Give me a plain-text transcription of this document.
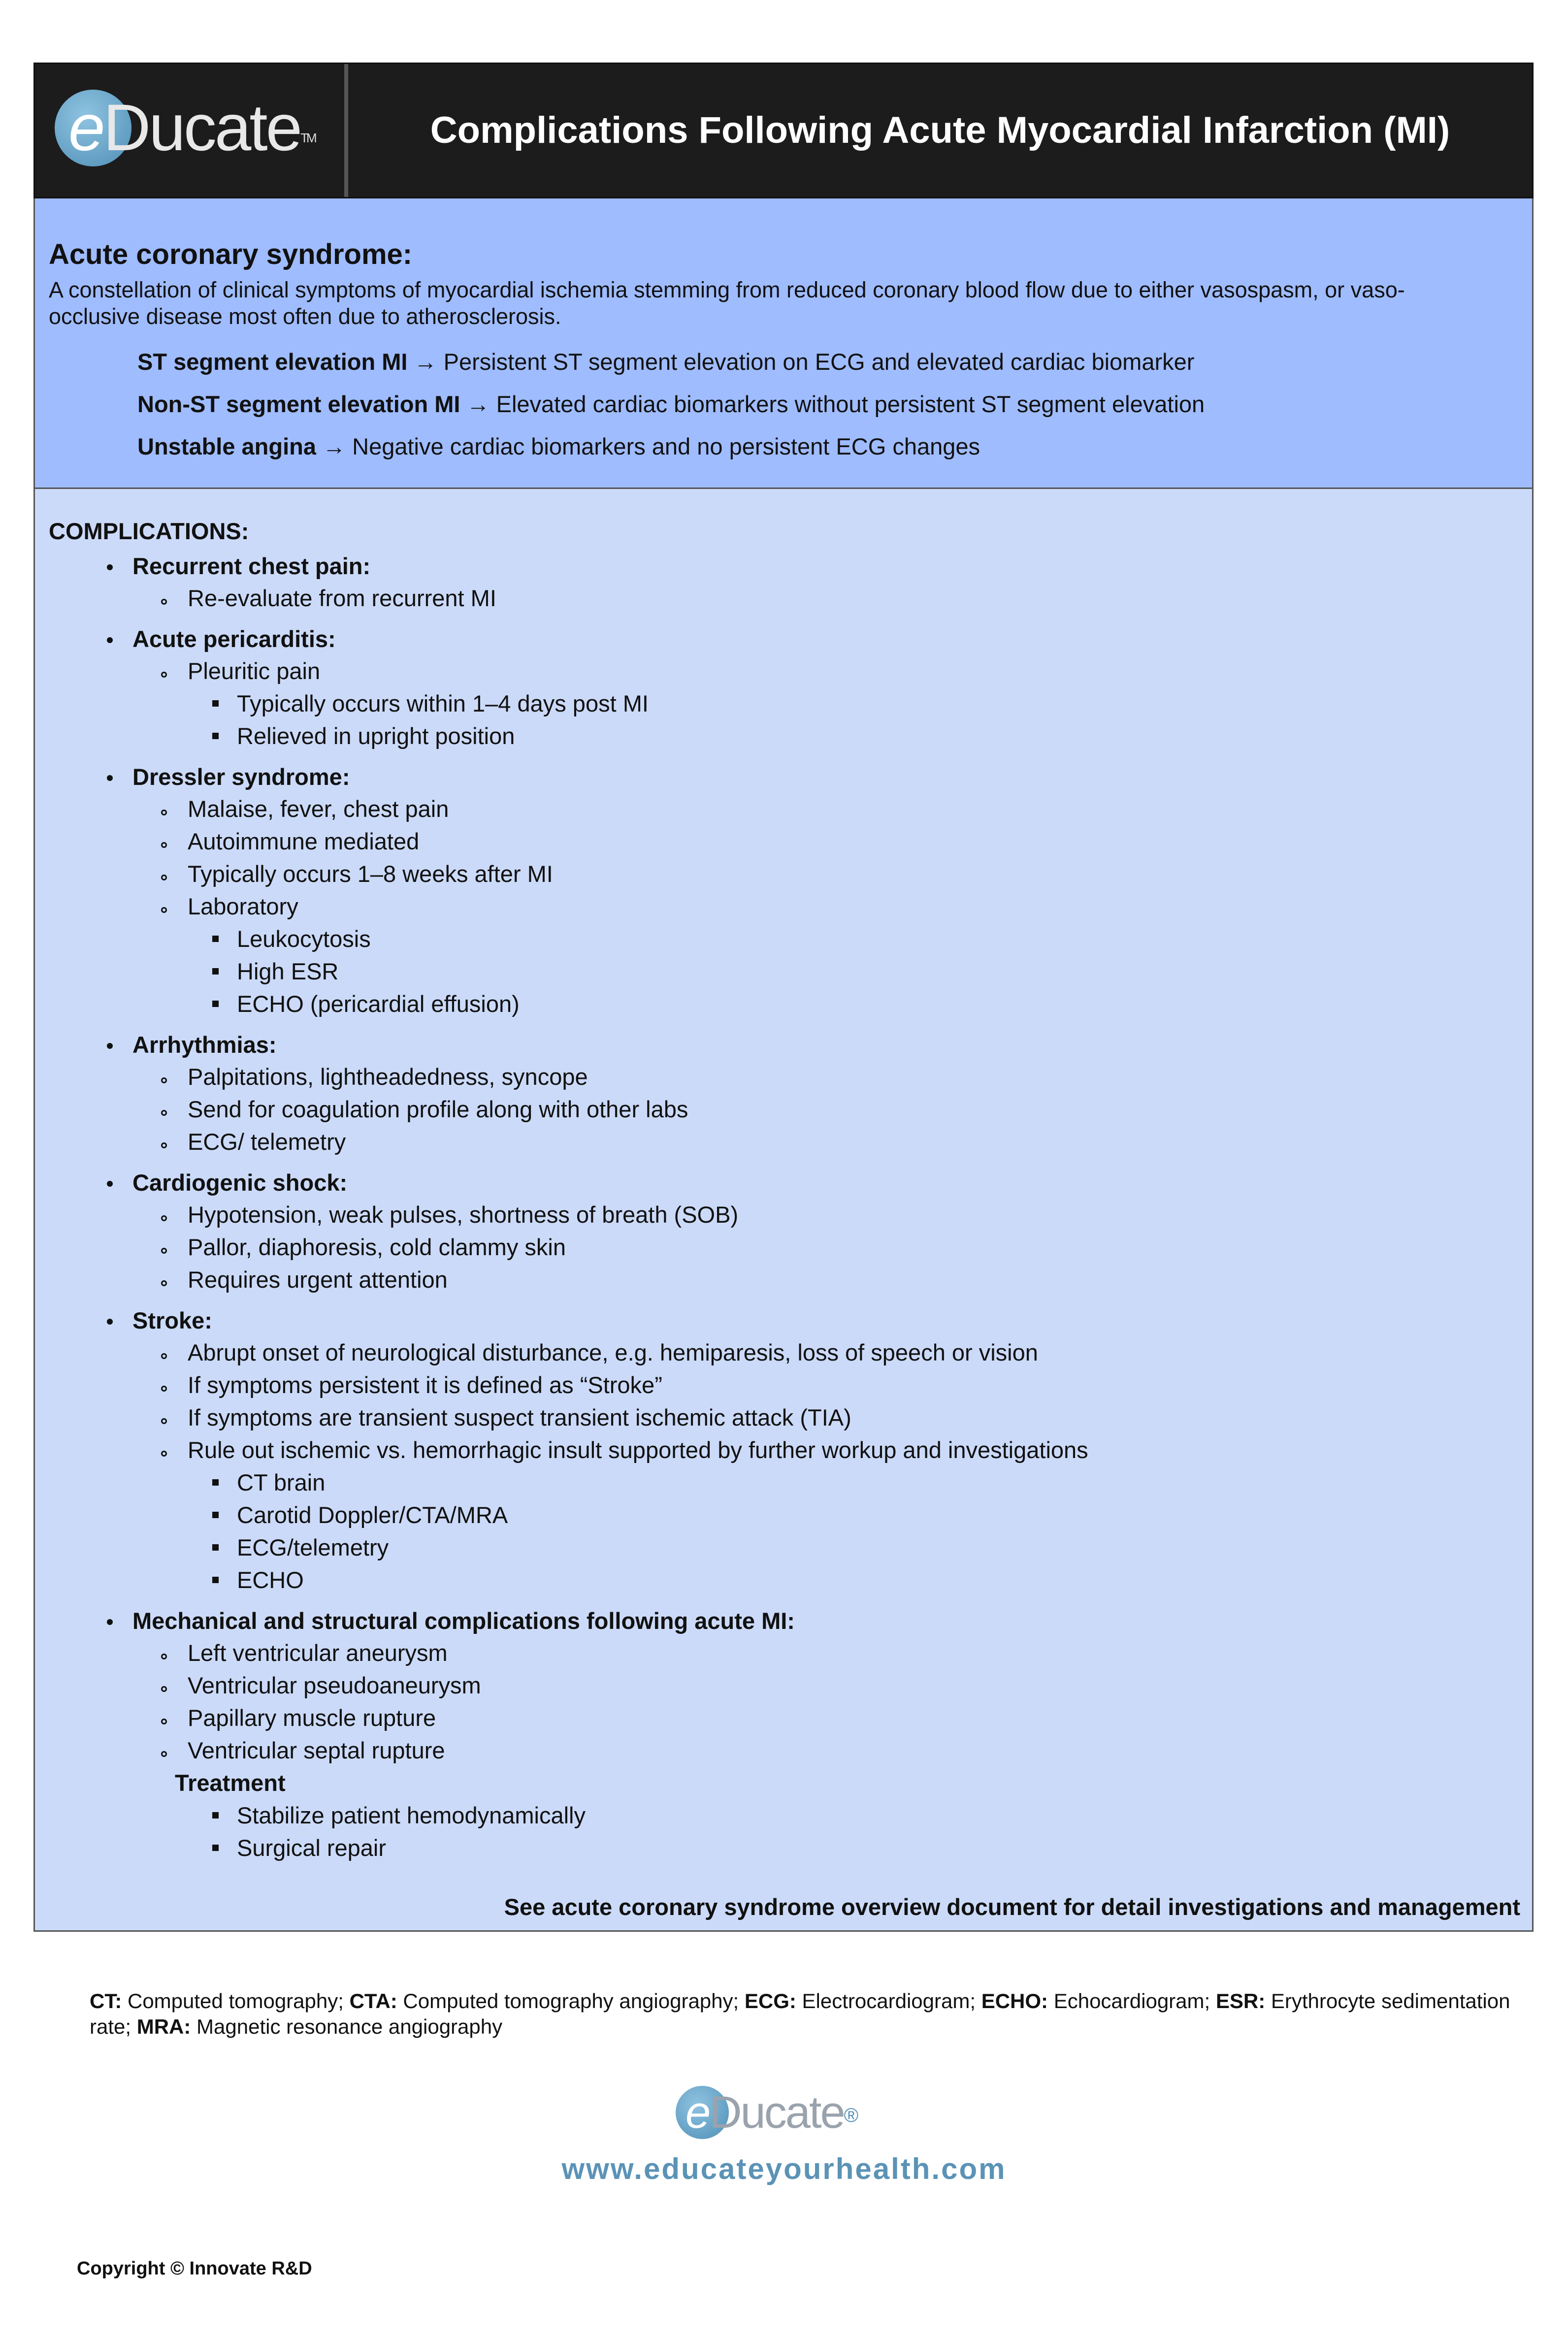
eDucate™	Complications Following Acute Myocardial Infarction (MI)
Acute coronary syndrome:

A constellation of clinical symptoms of myocardial ischemia stemming from reduced coronary blood flow due to either vasospasm, or vaso-occlusive disease most often due to atherosclerosis.

ST segment elevation MI → Persistent ST segment elevation on ECG and elevated cardiac biomarker
Non-ST segment elevation MI → Elevated cardiac biomarkers without persistent ST segment elevation
Unstable angina → Negative cardiac biomarkers and no persistent ECG changes
COMPLICATIONS:
Recurrent chest pain:
Re-evaluate from recurrent MI
Acute pericarditis:
Pleuritic pain
Typically occurs within 1–4 days post MI
Relieved in upright position
Dressler syndrome:
Malaise, fever, chest pain
Autoimmune mediated
Typically occurs 1–8 weeks after MI
Laboratory
Leukocytosis
High ESR
ECHO (pericardial effusion)
Arrhythmias:
Palpitations, lightheadedness, syncope
Send for coagulation profile along with other labs
ECG/ telemetry
Cardiogenic shock:
Hypotension, weak pulses, shortness of breath (SOB)
Pallor, diaphoresis, cold clammy skin
Requires urgent attention
Stroke:
Abrupt onset of neurological disturbance, e.g. hemiparesis, loss of speech or vision
If symptoms persistent it is defined as “Stroke”
If symptoms are transient suspect transient ischemic attack (TIA)
Rule out ischemic vs. hemorrhagic insult supported by further workup and investigations
CT brain
Carotid Doppler/CTA/MRA
ECG/telemetry
ECHO
Mechanical and structural complications following acute MI:
Left ventricular aneurysm
Ventricular pseudoaneurysm
Papillary muscle rupture
Ventricular septal rupture
Treatment
Stabilize patient hemodynamically
Surgical repair
See acute coronary syndrome overview document for detail investigations and management
CT: Computed tomography; CTA: Computed tomography angiography; ECG: Electrocardiogram; ECHO: Echocardiogram; ESR: Erythrocyte sedimentation rate; MRA: Magnetic resonance angiography
eDucate®
www.educateyourhealth.com
Copyright © Innovate R&D
